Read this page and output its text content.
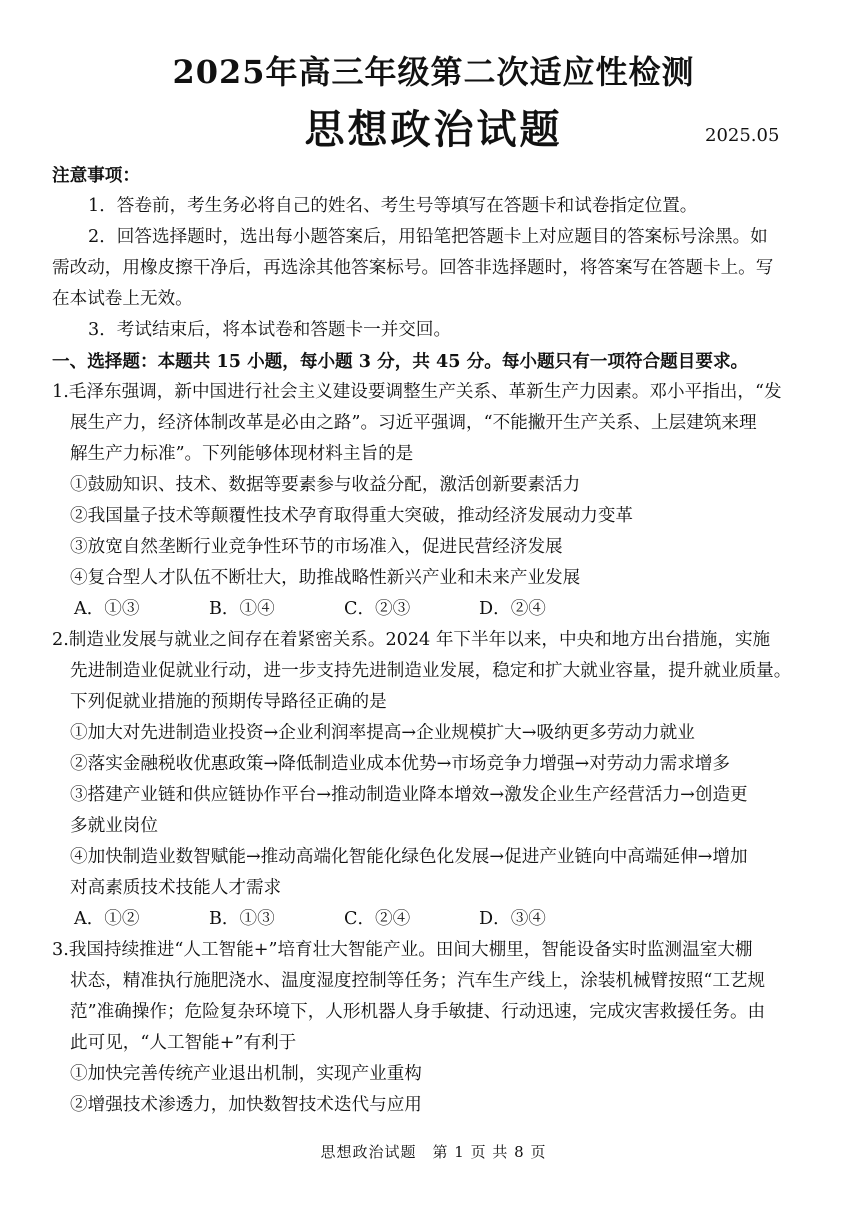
2025年高三年级第二次适应性检测
思想政治试题	2025.05
注意事项：
1．答卷前，考生务必将自己的姓名、考生号等填写在答题卡和试卷指定位置。
2．回答选择题时，选出每小题答案后，用铅笔把答题卡上对应题目的答案标号涂黑。如
需改动，用橡皮擦干净后，再选涂其他答案标号。回答非选择题时，将答案写在答题卡上。写
在本试卷上无效。
3．考试结束后，将本试卷和答题卡一并交回。
一、选择题：本题共 15 小题，每小题 3 分，共 45 分。每小题只有一项符合题目要求。
1.毛泽东强调，新中国进行社会主义建设要调整生产关系、革新生产力因素。邓小平指出，“发
展生产力，经济体制改革是必由之路”。习近平强调，“不能撇开生产关系、上层建筑来理
解生产力标准”。下列能够体现材料主旨的是
①鼓励知识、技术、数据等要素参与收益分配，激活创新要素活力
②我国量子技术等颠覆性技术孕育取得重大突破，推动经济发展动力变革
③放宽自然垄断行业竞争性环节的市场准入，促进民营经济发展
④复合型人才队伍不断壮大，助推战略性新兴产业和未来产业发展
A．①③	B．①④	C．②③	D．②④
2.制造业发展与就业之间存在着紧密关系。2024 年下半年以来，中央和地方出台措施，实施
先进制造业促就业行动，进一步支持先进制造业发展，稳定和扩大就业容量，提升就业质量。
下列促就业措施的预期传导路径正确的是
①加大对先进制造业投资→企业利润率提高→企业规模扩大→吸纳更多劳动力就业
②落实金融税收优惠政策→降低制造业成本优势→市场竞争力增强→对劳动力需求增多
③搭建产业链和供应链协作平台→推动制造业降本增效→激发企业生产经营活力→创造更
多就业岗位
④加快制造业数智赋能→推动高端化智能化绿色化发展→促进产业链向中高端延伸→增加
对高素质技术技能人才需求
A．①②	B．①③	C．②④	D．③④
3.我国持续推进“人工智能+”培育壮大智能产业。田间大棚里，智能设备实时监测温室大棚
状态，精准执行施肥浇水、温度湿度控制等任务；汽车生产线上，涂装机械臂按照“工艺规
范”准确操作；危险复杂环境下，人形机器人身手敏捷、行动迅速，完成灾害救援任务。由
此可见，“人工智能+”有利于
①加快完善传统产业退出机制，实现产业重构
②增强技术渗透力，加快数智技术迭代与应用
思想政治试题　第 1 页 共 8 页
